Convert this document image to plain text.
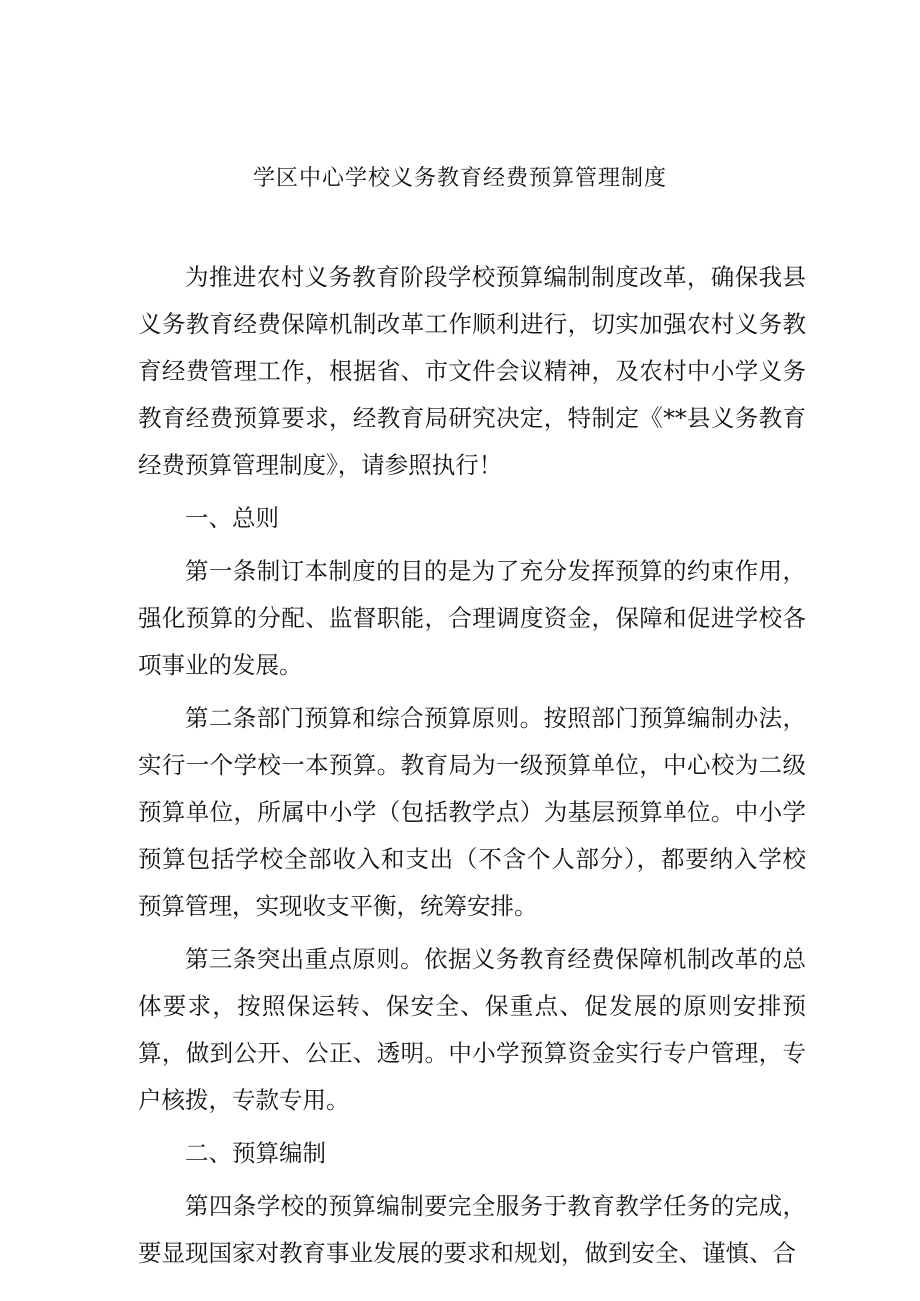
学区中心学校义务教育经费预算管理制度

为推进农村义务教育阶段学校预算编制制度改革，确保我县义务教育经费保障机制改革工作顺利进行，切实加强农村义务教育经费管理工作，根据省、市文件会议精神，及农村中小学义务教育经费预算要求，经教育局研究决定，特制定《**县义务教育经费预算管理制度》，请参照执行！

一、总则

第一条制订本制度的目的是为了充分发挥预算的约束作用，强化预算的分配、监督职能，合理调度资金，保障和促进学校各项事业的发展。

第二条部门预算和综合预算原则。按照部门预算编制办法，实行一个学校一本预算。教育局为一级预算单位，中心校为二级预算单位，所属中小学（包括教学点）为基层预算单位。中小学预算包括学校全部收入和支出（不含个人部分），都要纳入学校预算管理，实现收支平衡，统筹安排。

第三条突出重点原则。依据义务教育经费保障机制改革的总体要求，按照保运转、保安全、保重点、促发展的原则安排预算，做到公开、公正、透明。中小学预算资金实行专户管理，专户核拨，专款专用。

二、预算编制

第四条学校的预算编制要完全服务于教育教学任务的完成，要显现国家对教育事业发展的要求和规划，做到安全、谨慎、合
